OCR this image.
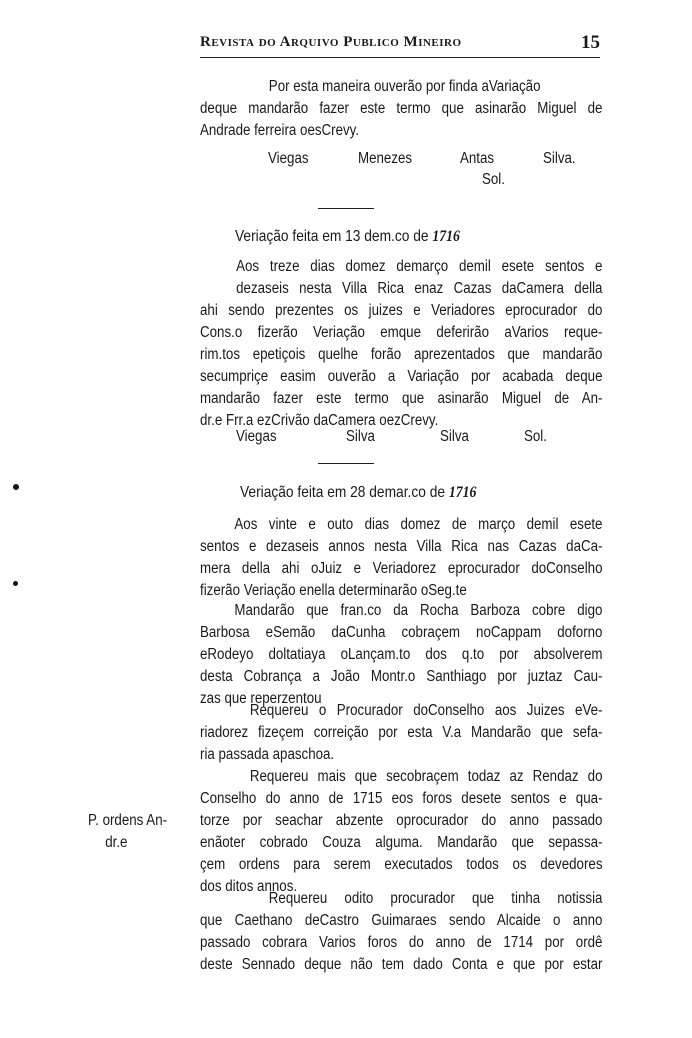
Revista do Arquivo Publico Mineiro	15
Por esta maneira ouverão por finda aVariação
deque mandarão fazer este termo que asinarão Miguel de
Andrade ferreira oesCrevy.
Viegas	Menezes	Antas	Silva.
Sol.
Veriação feita em 13 dem.co de 1716
Aos treze dias domez demarço demil esete sentos e
dezaseis nesta Villa Rica enaz Cazas daCamera della
ahi sendo prezentes os juizes e Veriadores eprocurador do
Cons.o fizerão Veriação emque deferirão aVarios reque-
rim.tos epetiçois quelhe forão aprezentados que mandarão
secumpriçe easim ouverão a Variação por acabada deque
mandarão fazer este termo que asinarão Miguel de An-
dr.e Frr.a ezCrivão daCamera oezCrevy.
Viegas	Silva	Silva	Sol.
Veriação feita em 28 demar.co de 1716
Aos vinte e outo dias domez de março demil esete
sentos e dezaseis annos nesta Villa Rica nas Cazas daCa-
mera della ahi oJuiz e Veriadorez eprocurador doConselho
fizerão Veriação enella determinarão oSeg.te
Mandarão que fran.co da Rocha Barboza cobre digo
Barbosa eSemão daCunha cobraçem noCappam doforno
eRodeyo doltatiaya oLançam.to dos q.to por absolverem
desta Cobrança a João Montr.o Santhiago por juztaz Cau-
zas que reperzentou
Requereu o Procurador doConselho aos Juizes eVe-
riadorez fizeçem correição por esta V.a Mandarão que sefa-
ria passada apaschoa.
Requereu mais que secobraçem todaz az Rendaz do
Conselho do anno de 1715 eos foros desete sentos e qua-
torze por seachar abzente oprocurador do anno passado
enãoter cobrado Couza alguma. Mandarão que sepassa-
çem ordens para serem executados todos os devedores
dos ditos annos.
P. ordens An-
dr.e
Requereu odito procurador que tinha notissia
que Caethano deCastro Guimaraes sendo Alcaide o anno
passado cobrara Varios foros do anno de 1714 por ordê
deste Sennado deque não tem dado Conta e que por estar
